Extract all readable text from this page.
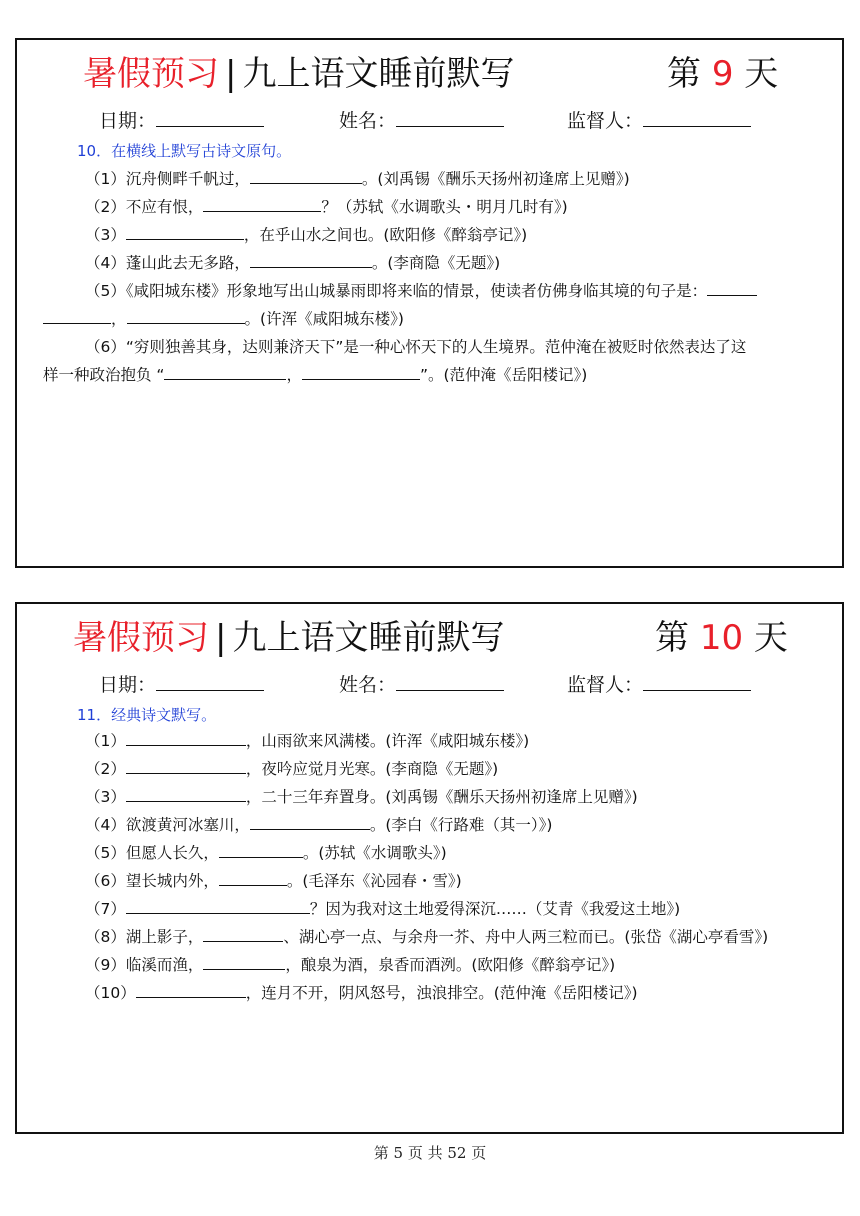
暑假预习 | 九上语文睡前默写	第 9 天
日期：	姓名：	监督人：
10．在横线上默写古诗文原句。
（1）沉舟侧畔千帆过，	。(刘禹锡《酬乐天扬州初逢席上见赠》)
（2）不应有恨，	？（苏轼《水调歌头・明月几时有》)
（3）	，在乎山水之间也。(欧阳修《醉翁亭记》)
（4）蓬山此去无多路，	。(李商隐《无题》)
（5）《咸阳城东楼》形象地写出山城暴雨即将来临的情景，使读者仿佛身临其境的句子是：
，	。(许浑《咸阳城东楼》)
（6）“穷则独善其身，达则兼济天下”是一种心怀天下的人生境界。范仲淹在被贬时依然表达了这
样一种政治抱负 “	，	”。(范仲淹《岳阳楼记》)
暑假预习 | 九上语文睡前默写	第 10 天
日期：	姓名：	监督人：
11．经典诗文默写。
（1）	，山雨欲来风满楼。(许浑《咸阳城东楼》)
（2）	，夜吟应觉月光寒。(李商隐《无题》)
（3）	，二十三年弃置身。(刘禹锡《酬乐天扬州初逢席上见赠》)
（4）欲渡黄河冰塞川，	。(李白《行路难（其一）》)
（5）但愿人长久，	。(苏轼《水调歌头》)
（6）望长城内外，	。(毛泽东《沁园春・雪》)
（7）	？因为我对这土地爱得深沉……（艾青《我爱这土地》)
（8）湖上影子，	、湖心亭一点、与余舟一芥、舟中人两三粒而已。(张岱《湖心亭看雪》)
（9）临溪而渔，	，酿泉为酒，泉香而酒洌。(欧阳修《醉翁亭记》)
（10）	，连月不开，阴风怒号，浊浪排空。(范仲淹《岳阳楼记》)
第 5 页 共 52 页
